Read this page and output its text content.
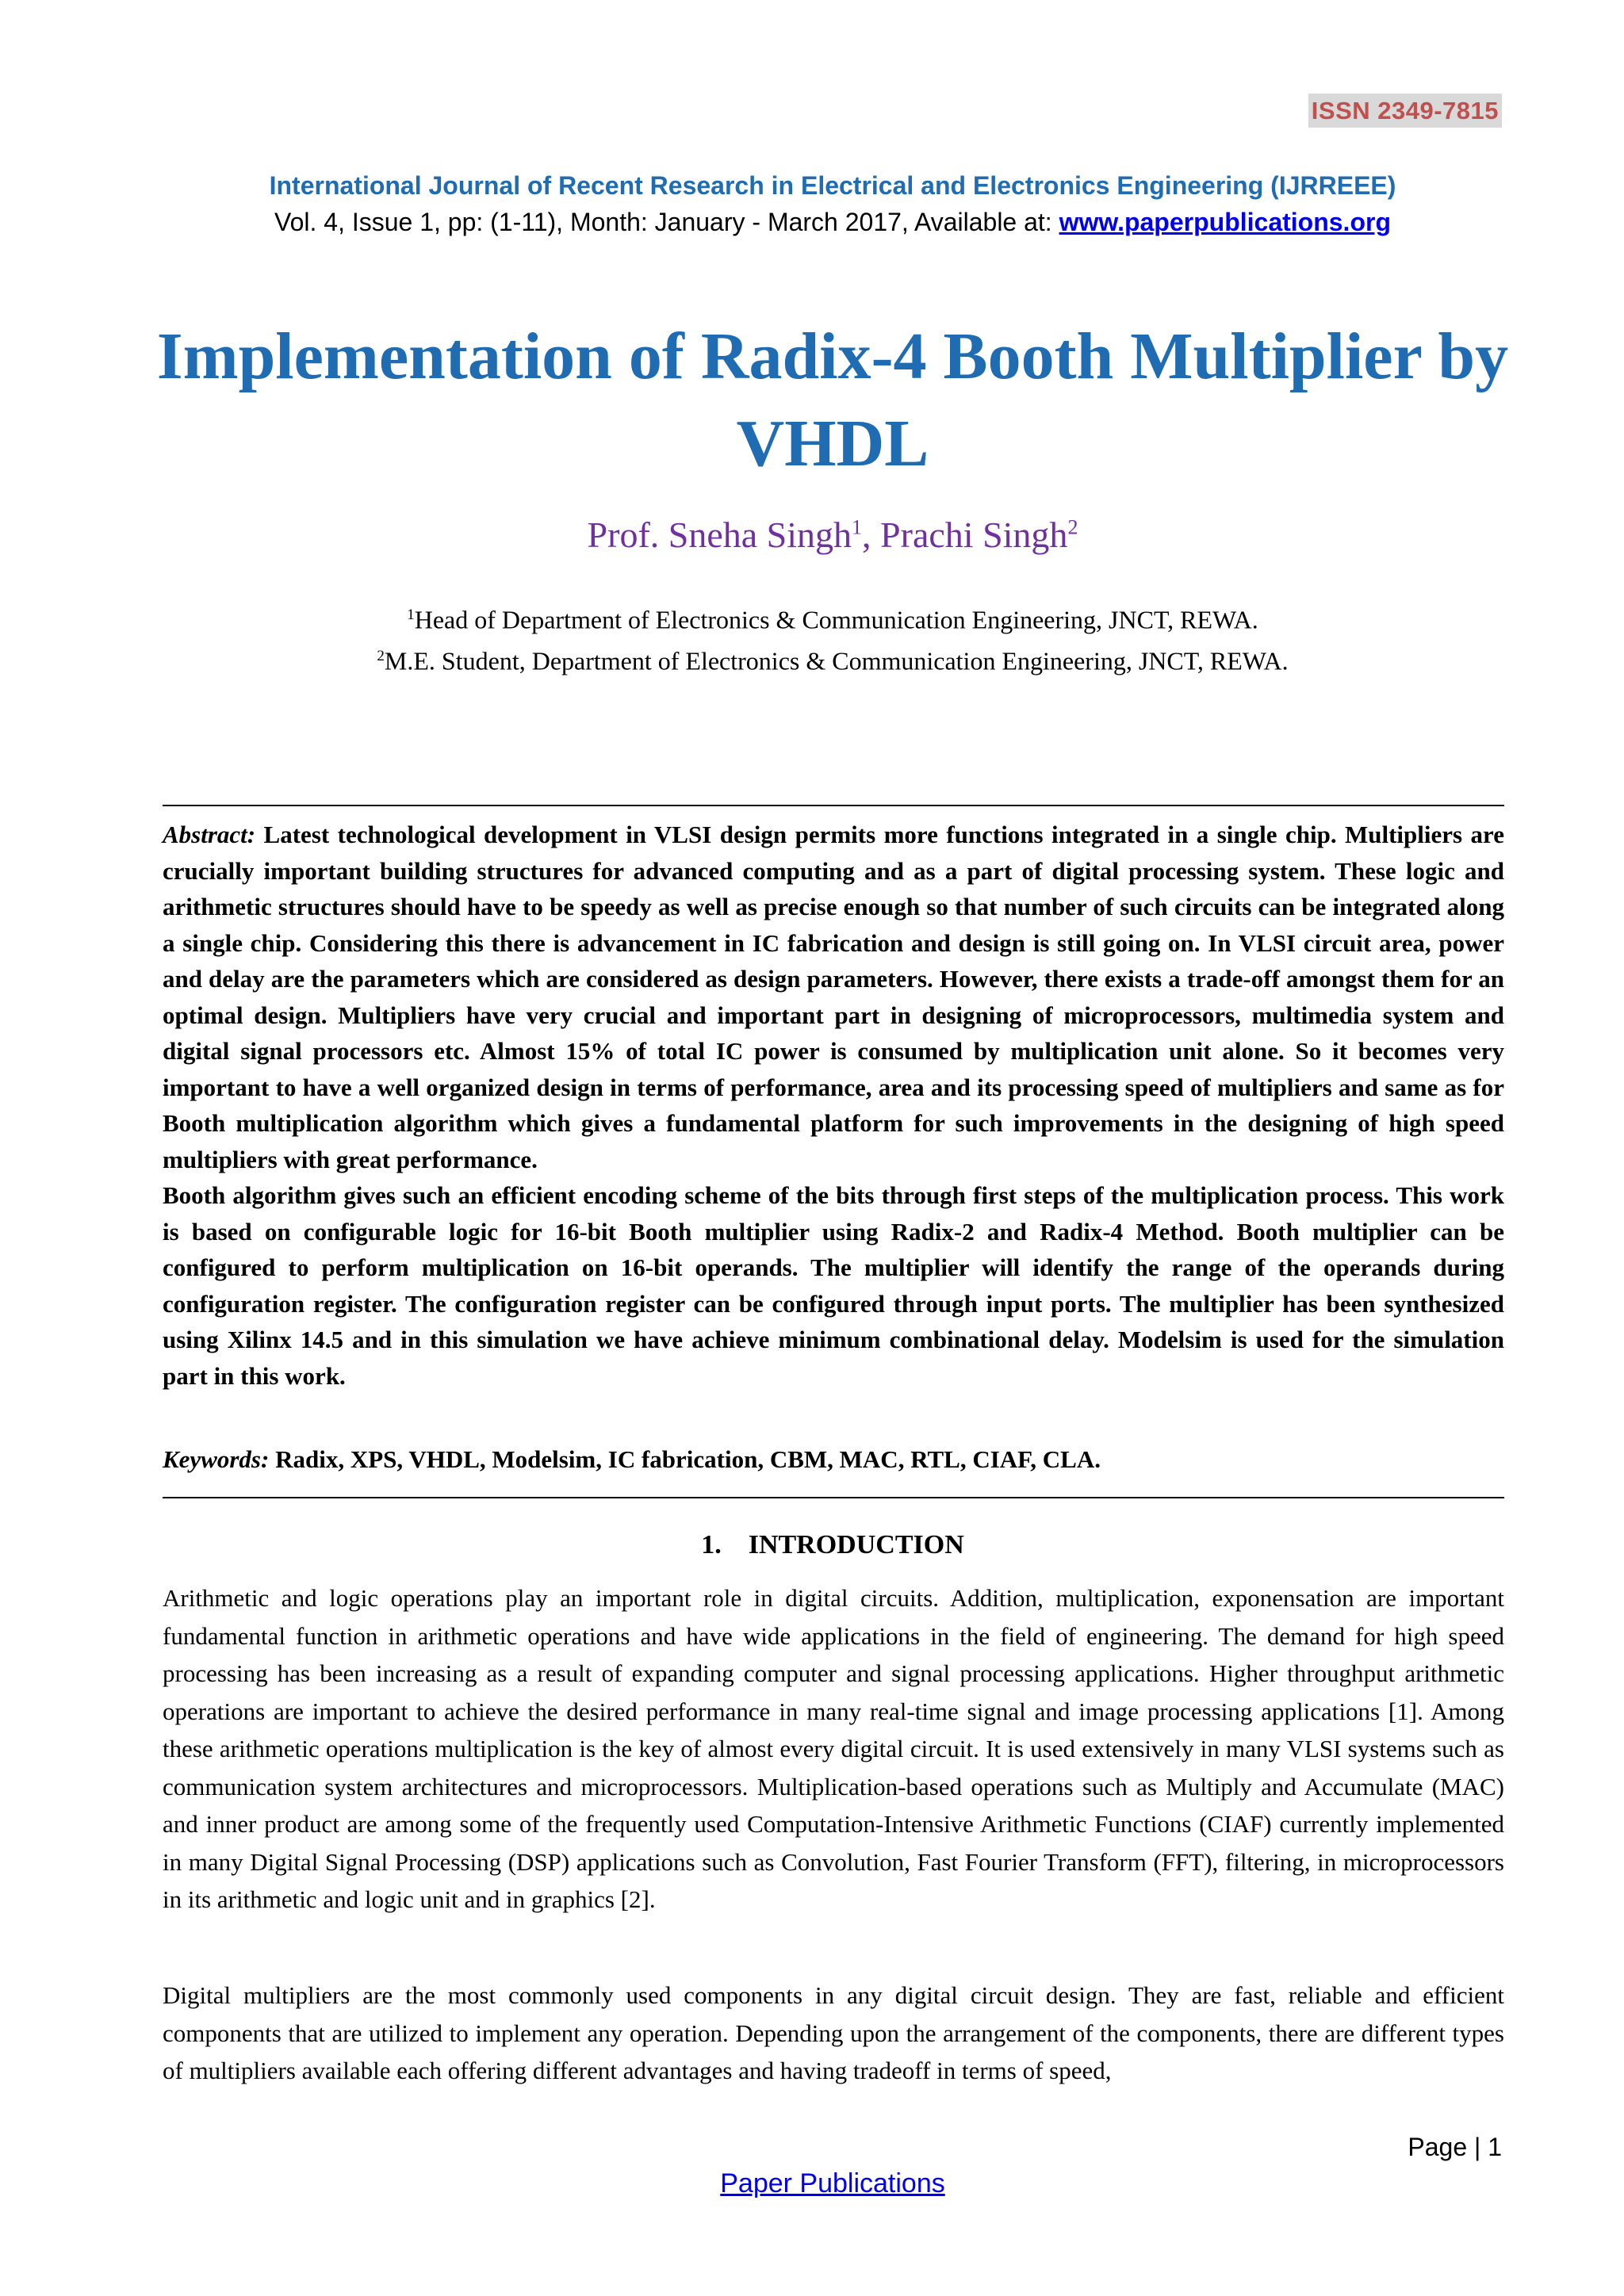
ISSN 2349-7815
International Journal of Recent Research in Electrical and Electronics Engineering (IJRREEE)
Vol. 4, Issue 1, pp: (1-11), Month: January - March 2017, Available at: www.paperpublications.org
Implementation of Radix-4 Booth Multiplier by
VHDL
Prof. Sneha Singh$^1$, Prachi Singh$^2$
$^1$Head of Department of Electronics & Communication Engineering, JNCT, REWA.
$^2$M.E. Student, Department of Electronics & Communication Engineering, JNCT, REWA.

Abstract: Latest technological development in VLSI design permits more functions integrated in a single chip. Multipliers are crucially important building structures for advanced computing and as a part of digital processing system. These logic and arithmetic structures should have to be speedy as well as precise enough so that number of such circuits can be integrated along a single chip. Considering this there is advancement in IC fabrication and design is still going on. In VLSI circuit area, power and delay are the parameters which are considered as design parameters. However, there exists a trade-off amongst them for an optimal design. Multipliers have very crucial and important part in designing of microprocessors, multimedia system and digital signal processors etc. Almost 15% of total IC power is consumed by multiplication unit alone. So it becomes very important to have a well organized design in terms of performance, area and its processing speed of multipliers and same as for Booth multiplication algorithm which gives a fundamental platform for such improvements in the designing of high speed multipliers with great performance.

Booth algorithm gives such an efficient encoding scheme of the bits through first steps of the multiplication process. This work is based on configurable logic for 16-bit Booth multiplier using Radix-2 and Radix-4 Method. Booth multiplier can be configured to perform multiplication on 16-bit operands. The multiplier will identify the range of the operands during configuration register. The configuration register can be configured through input ports. The multiplier has been synthesized using Xilinx 14.5 and in this simulation we have achieve minimum combinational delay. Modelsim is used for the simulation part in this work.

Keywords: Radix, XPS, VHDL, Modelsim, IC fabrication, CBM, MAC, RTL, CIAF, CLA.
1.    INTRODUCTION

Arithmetic and logic operations play an important role in digital circuits. Addition, multiplication, exponensation are important fundamental function in arithmetic operations and have wide applications in the field of engineering. The demand for high speed processing has been increasing as a result of expanding computer and signal processing applications. Higher throughput arithmetic operations are important to achieve the desired performance in many real-time signal and image processing applications [1]. Among these arithmetic operations multiplication is the key of almost every digital circuit. It is used extensively in many VLSI systems such as communication system architectures and microprocessors. Multiplication-based operations such as Multiply and Accumulate (MAC) and inner product are among some of the frequently used Computation-Intensive Arithmetic Functions (CIAF) currently implemented in many Digital Signal Processing (DSP) applications such as Convolution, Fast Fourier Transform (FFT), filtering, in microprocessors in its arithmetic and logic unit and in graphics [2].

Digital multipliers are the most commonly used components in any digital circuit design. They are fast, reliable and efficient components that are utilized to implement any operation. Depending upon the arrangement of the components, there are different types of multipliers available each offering different advantages and having tradeoff in terms of speed,

Page | 1
Paper Publications
